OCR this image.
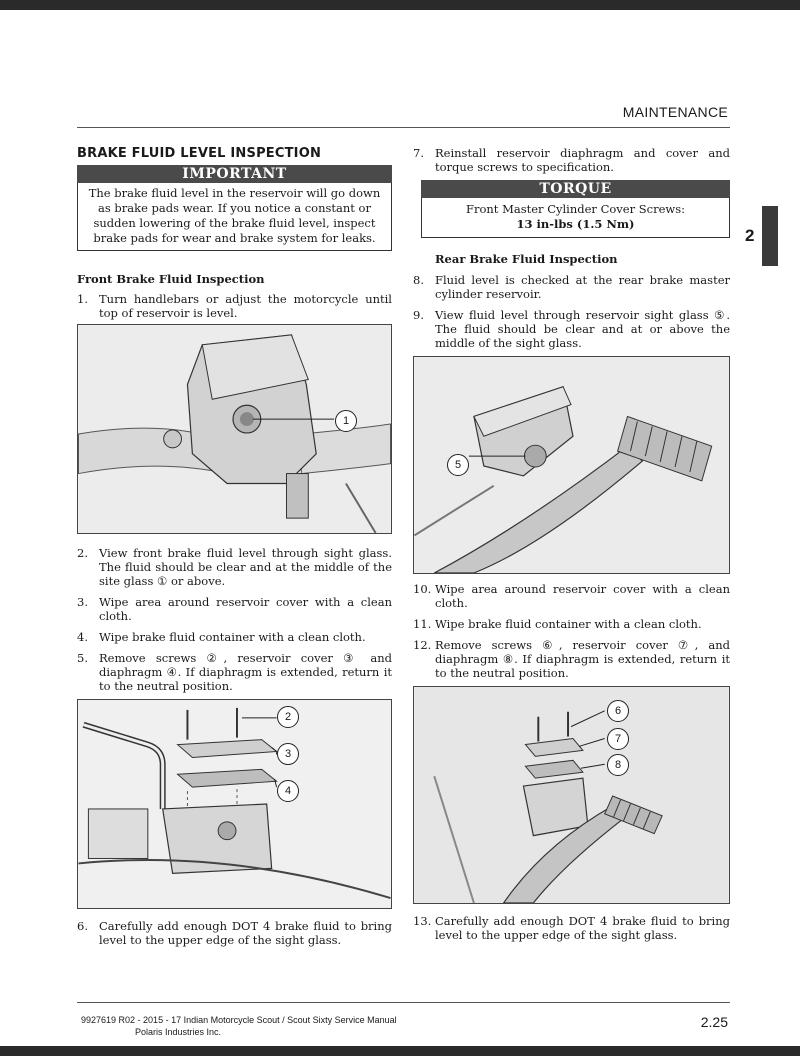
MAINTENANCE
2
BRAKE FLUID LEVEL INSPECTION
IMPORTANT
The brake fluid level in the reservoir will go down as brake pads wear. If you notice a constant or sudden lowering of the brake fluid level, inspect brake pads for wear and brake system for leaks.
Front Brake Fluid Inspection
1. Turn handlebars or adjust the motorcycle until top of reservoir is level.
1
2. View front brake fluid level through sight glass. The fluid should be clear and at the middle of the site glass ① or above.
3. Wipe area around reservoir cover with a clean cloth.
4. Wipe brake fluid container with a clean cloth.
5. Remove screws ②, reservoir cover ③ and diaphragm ④. If diaphragm is extended, return it to the neutral position.
2
3
4
6. Carefully add enough DOT 4 brake fluid to bring level to the upper edge of the sight glass.
7. Reinstall reservoir diaphragm and cover and torque screws to specification.
TORQUE
Front Master Cylinder Cover Screws:
13 in-lbs (1.5 Nm)
Rear Brake Fluid Inspection
8. Fluid level is checked at the rear brake master cylinder reservoir.
9. View fluid level through reservoir sight glass ⑤. The fluid should be clear and at or above the middle of the sight glass.
5
10. Wipe area around reservoir cover with a clean cloth.
11. Wipe brake fluid container with a clean cloth.
12. Remove screws ⑥, reservoir cover ⑦, and diaphragm ⑧. If diaphragm is extended, return it to the neutral position.
6
7
8
13. Carefully add enough DOT 4 brake fluid to bring level to the upper edge of the sight glass.
9927619 R02 - 2015 - 17 Indian Motorcycle Scout / Scout Sixty Service Manual
Polaris Industries Inc.
2.25
